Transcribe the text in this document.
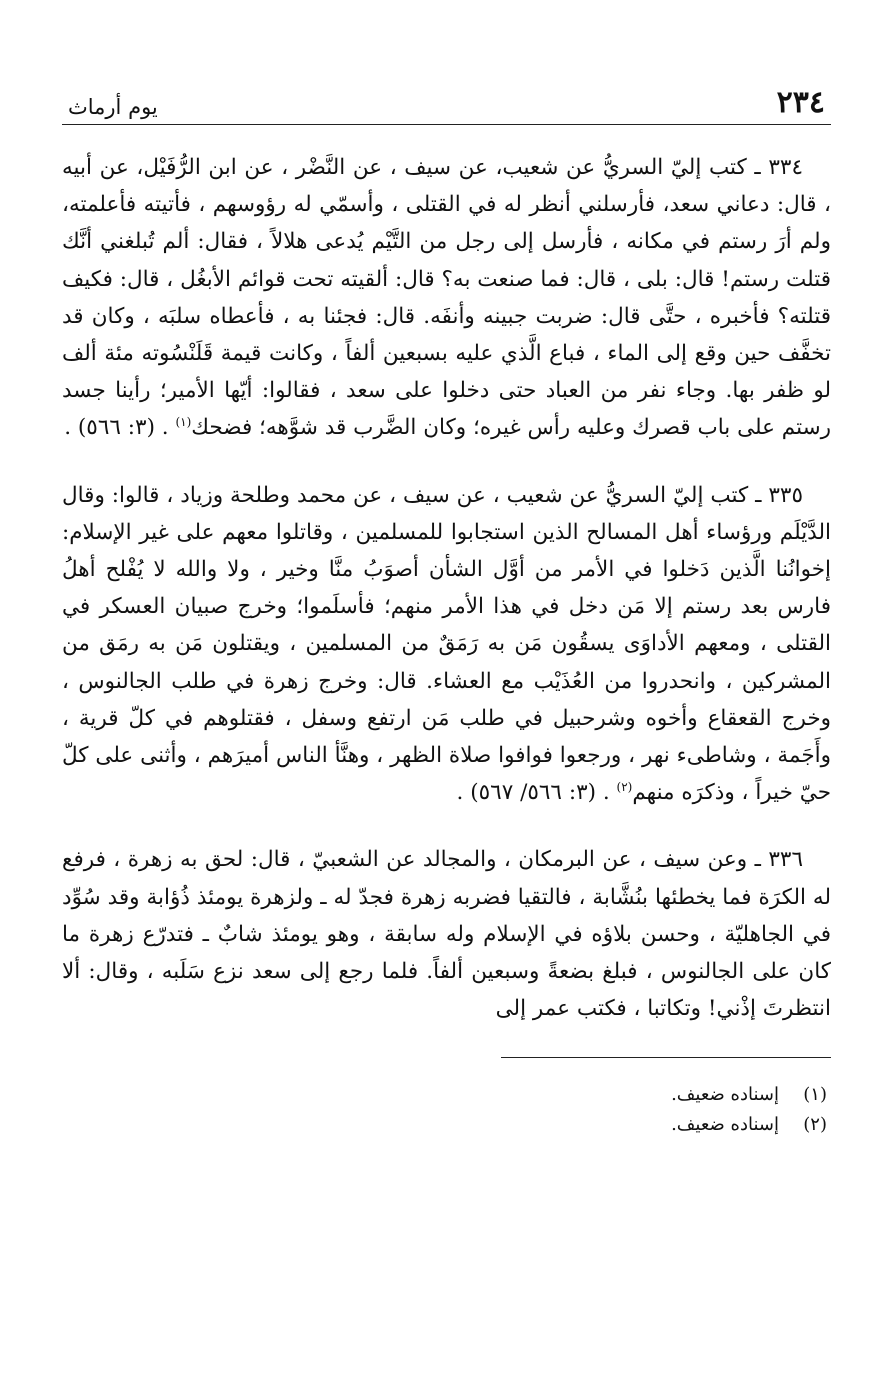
٢٣٤
يوم أرماث

٣٣٤ ـ كتب إليّ السريُّ عن شعيب، عن سيف ، عن النَّضْر ، عن ابن الرُّفَيْل، عن أبيه ، قال: دعاني سعد، فأرسلني أنظر له في القتلى ، وأسمّي له رؤوسهم ، فأتيته فأعلمته، ولم أرَ رستم في مكانه ، فأرسل إلى رجل من التَّيْم يُدعى هلالاً ، فقال: ألم تُبلغني أنَّك قتلت رستم! قال: بلى ، قال: فما صنعت به؟ قال: ألقيته تحت قوائم الأبغُل ، قال: فكيف قتلته؟ فأخبره ، حتَّى قال: ضربت جبينه وأنفَه. قال: فجئنا به ، فأعطاه سلبَه ، وكان قد تخفَّف حين وقع إلى الماء ، فباع الَّذي عليه بسبعين ألفاً ، وكانت قيمة قَلَنْسُوته مئة ألف لو ظفر بها. وجاء نفر من العباد حتى دخلوا على سعد ، فقالوا: أيّها الأمير؛ رأينا جسد رستم على باب قصرك وعليه رأس غيره؛ وكان الضَّرب قد شوَّهه؛ فضحك$^{(١)}$ . (٣: ٥٦٦) .

٣٣٥ ـ كتب إليّ السريُّ عن شعيب ، عن سيف ، عن محمد وطلحة وزياد ، قالوا: وقال الدَّيْلَم ورؤساء أهل المسالح الذين استجابوا للمسلمين ، وقاتلوا معهم على غير الإسلام: إخوانُنا الَّذين دَخلوا في الأمر من أوَّل الشأن أصوَبُ منَّا وخير ، ولا والله لا يُفْلح أهلُ فارس بعد رستم إلا مَن دخل في هذا الأمر منهم؛ فأسلَموا؛ وخرج صبيان العسكر في القتلى ، ومعهم الأداوَى يسقُون مَن به رَمَقٌ من المسلمين ، ويقتلون مَن به رمَق من المشركين ، وانحدروا من العُذَيْب مع العشاء. قال: وخرج زهرة في طلب الجالنوس ، وخرج القعقاع وأخوه وشرحبيل في طلب مَن ارتفع وسفل ، فقتلوهم في كلّ قرية ، وأَجَمة ، وشاطىء نهر ، ورجعوا فوافوا صلاة الظهر ، وهنَّأ الناس أميرَهم ، وأثنى على كلّ حيّ خيراً ، وذكرَه منهم$^{(٢)}$ . (٣: ٥٦٦/ ٥٦٧) .

٣٣٦ ـ وعن سيف ، عن البرمكان ، والمجالد عن الشعبيّ ، قال: لحق به زهرة ، فرفع له الكرَة فما يخطئها بنُشَّابة ، فالتقيا فضربه زهرة فجدّ له ـ ولزهرة يومئذ ذُؤابة وقد سُوِّد في الجاهليّة ، وحسن بلاؤه في الإسلام وله سابقة ، وهو يومئذ شابٌ ـ فتدرّع زهرة ما كان على الجالنوس ، فبلغ بضعةً وسبعين ألفاً. فلما رجع إلى سعد نزع سَلَبه ، وقال: ألا انتظرتَ إذْني! وتكاتبا ، فكتب عمر إلى

(١)
إسناده ضعيف.
(٢)
إسناده ضعيف.
